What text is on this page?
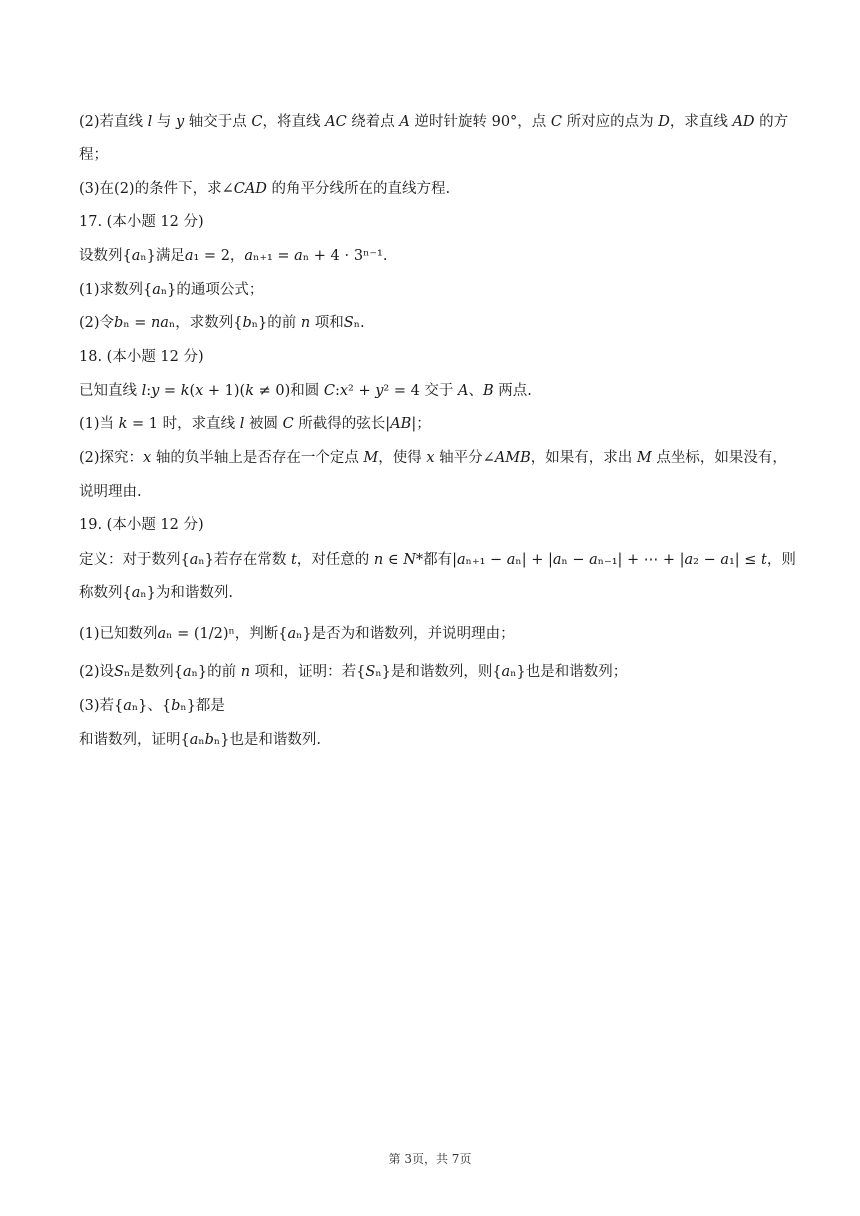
(2)若直线 𝑙 与 𝑦 轴交于点 𝐶，将直线 𝐴𝐶 绕着点 𝐴 逆时针旋转 90°，点 𝐶 所对应的点为 𝐷，求直线 𝐴𝐷 的方
程；
(3)在(2)的条件下，求∠𝐶𝐴𝐷 的角平分线所在的直线方程.
17. (本小题 12 分)
设数列{𝑎ₙ}满足𝑎₁ = 2，𝑎ₙ₊₁ = 𝑎ₙ + 4 ⋅ 3ⁿ⁻¹.
(1)求数列{𝑎ₙ}的通项公式；
(2)令𝑏ₙ = 𝑛𝑎ₙ，求数列{𝑏ₙ}的前 𝑛 项和𝑆ₙ.
18. (本小题 12 分)
已知直线 𝑙:𝑦 = 𝑘(𝑥 + 1)(𝑘 ≠ 0)和圆 𝐶:𝑥² + 𝑦² = 4 交于 𝐴、𝐵 两点.
(1)当 𝑘 = 1 时，求直线 𝑙 被圆 𝐶 所截得的弦长|𝐴𝐵|；
(2)探究：𝑥 轴的负半轴上是否存在一个定点 𝑀，使得 𝑥 轴平分∠𝐴𝑀𝐵，如果有，求出 𝑀 点坐标，如果没有，
说明理由.
19. (本小题 12 分)
定义：对于数列{𝑎ₙ}若存在常数 𝑡，对任意的 𝑛 ∈ 𝑁*都有|𝑎ₙ₊₁ − 𝑎ₙ| + |𝑎ₙ − 𝑎ₙ₋₁| + ⋯ + |𝑎₂ − 𝑎₁| ≤ 𝑡，则
称数列{𝑎ₙ}为和谐数列.
(1)已知数列𝑎ₙ = (1/2)ⁿ，判断{𝑎ₙ}是否为和谐数列，并说明理由；
(2)设𝑆ₙ是数列{𝑎ₙ}的前 𝑛 项和，证明：若{𝑆ₙ}是和谐数列，则{𝑎ₙ}也是和谐数列；
(3)若{𝑎ₙ}、{𝑏ₙ}都是
和谐数列，证明{𝑎ₙ𝑏ₙ}也是和谐数列.
第 3页，共 7页
